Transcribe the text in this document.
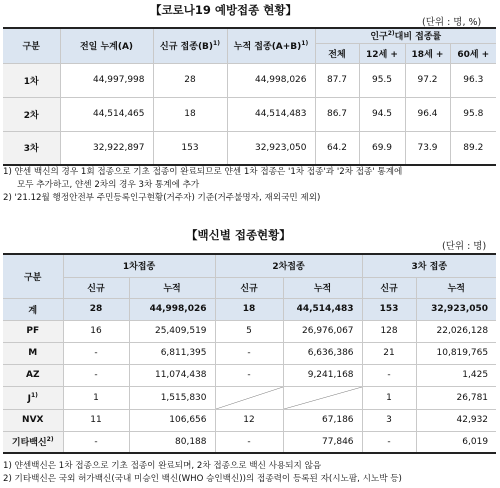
【코로나19 예방접종 현황】
(단위 : 명, %)
구분	전일 누계(A)	신규 접종$(B)^{1)}$	누적 접종$(A+B)^{1)}$	인구$^{2)}$대비 접종률			
				전체	12세 +	18세 +	60세 +
1차	44,997,998	28	44,998,026	87.7	95.5	97.2	96.3
2차	44,514,465	18	44,514,483	86.7	94.5	96.4	95.8
3차	32,922,897	153	32,923,050	64.2	69.9	73.9	89.2
1) 얀센 백신의 경우 1회 접종으로 기초 접종이 완료되므로 얀센 1차 접종은 '1차 접종'과 '2차 접종' 통계에
모두 추가하고, 얀센 2차의 경우 3차 통계에 추가
2) '21.12월 행정안전부 주민등록인구현황(거주자) 기준(거주불명자, 재외국민 제외)
【백신별 접종현황】
(단위 : 명)
구분	1차접종		2차접종		3차 접종	
	신규	누적	신규	누적	신규	누적
계	28	44,998,026	18	44,514,483	153	32,923,050
PF	16	25,409,519	5	26,976,067	128	22,026,128
M	-	6,811,395	-	6,636,386	21	10,819,765
AZ	-	11,074,438	-	9,241,168	-	1,425
$J^{1)}$	1	1,515,830			1	26,781
NVX	11	106,656	12	67,186	3	42,932
기타백신$^{2)}$	-	80,188	-	77,846	-	6,019
1) 얀센백신은 1차 접종으로 기초 접종이 완료되며, 2차 접종으로 백신 사용되지 않음
2) 기타백신은 국외 허가백신(국내 미승인 백신(WHO 승인백신))의 접종력이 등록된 자(시노팜, 시노박 등)
